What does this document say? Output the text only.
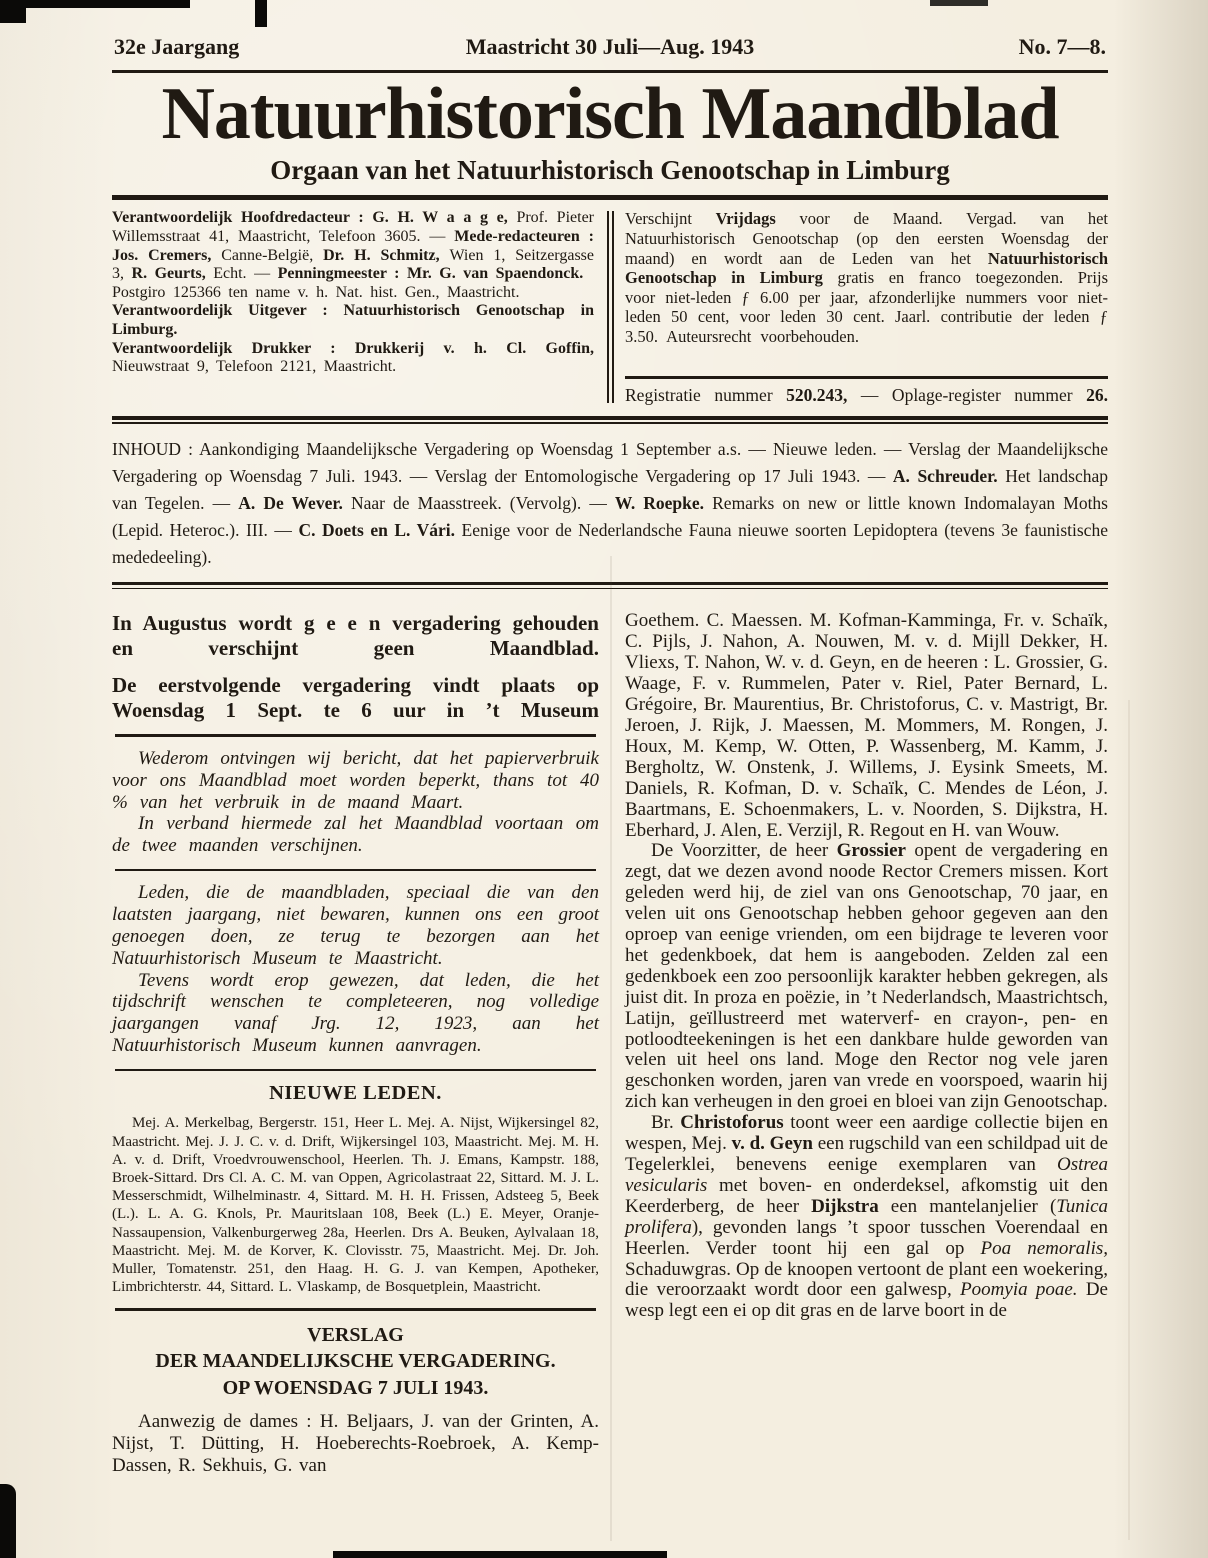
32e Jaargang	Maastricht 30 Juli—Aug. 1943	No. 7—8.
Natuurhistorisch Maandblad
Orgaan van het Natuurhistorisch Genootschap in Limburg

Verantwoordelijk Hoofdredacteur : G. H. W a a g e, Prof. Pieter Willemsstraat 41, Maastricht, Telefoon 3605. — Mede-redacteuren : Jos. Cremers, Canne-België, Dr. H. Schmitz, Wien 1, Seitzergasse 3, R. Geurts, Echt. — Penningmeester : Mr. G. van Spaendonck.

Postgiro 125366 ten name v. h. Nat. hist. Gen., Maastricht.

Verantwoordelijk Uitgever : Natuurhistorisch Genootschap in Limburg.

Verantwoordelijk Drukker : Drukkerij v. h. Cl. Goffin, Nieuwstraat 9, Telefoon 2121, Maastricht.

Verschijnt Vrijdags voor de Maand. Vergad. van het Natuurhistorisch Genootschap (op den eersten Woensdag der maand) en wordt aan de Leden van het Natuurhistorisch Genootschap in Limburg gratis en franco toegezonden. Prijs voor niet-leden ƒ 6.00 per jaar, afzonderlijke nummers voor niet-leden 50 cent, voor leden 30 cent. Jaarl. contributie der leden ƒ 3.50. Auteursrecht voorbehouden.

Registratie nummer 520.243, — Oplage-register nummer 26.

INHOUD : Aankondiging Maandelijksche Vergadering op Woensdag 1 September a.s. — Nieuwe leden. — Verslag der Maandelijksche Vergadering op Woensdag 7 Juli. 1943. — Verslag der Entomologische Vergadering op 17 Juli 1943. — A. Schreuder. Het landschap van Tegelen. — A. De Wever. Naar de Maasstreek. (Vervolg). — W. Roepke. Remarks on new or little known Indomalayan Moths (Lepid. Heteroc.). III. — C. Doets en L. Vári. Eenige voor de Nederlandsche Fauna nieuwe soorten Lepidoptera (tevens 3e faunistische mededeeling).

In Augustus wordt g e e n vergadering gehouden en verschijnt geen Maandblad.

De eerstvolgende vergadering vindt plaats op Woensdag 1 Sept. te 6 uur in ’t Museum

Wederom ontvingen wij bericht, dat het papierverbruik voor ons Maandblad moet worden beperkt, thans tot 40 % van het verbruik in de maand Maart.

In verband hiermede zal het Maandblad voortaan om de twee maanden verschijnen.

Leden, die de maandbladen, speciaal die van den laatsten jaargang, niet bewaren, kunnen ons een groot genoegen doen, ze terug te bezorgen aan het Natuurhistorisch Museum te Maastricht.

Tevens wordt erop gewezen, dat leden, die het tijdschrift wenschen te completeeren, nog volledige jaargangen vanaf Jrg. 12, 1923, aan het Natuurhistorisch Museum kunnen aanvragen.

NIEUWE LEDEN.

Mej. A. Merkelbag, Bergerstr. 151, Heer L. Mej. A. Nijst, Wijkersingel 82, Maastricht. Mej. J. J. C. v. d. Drift, Wijkersingel 103, Maastricht. Mej. M. H. A. v. d. Drift, Vroedvrouwenschool, Heerlen. Th. J. Emans, Kampstr. 188, Broek-Sittard. Drs Cl. A. C. M. van Oppen, Agricolastraat 22, Sittard. M. J. L. Messerschmidt, Wilhelminastr. 4, Sittard. M. H. H. Frissen, Adsteeg 5, Beek (L.). L. A. G. Knols, Pr. Mauritslaan 108, Beek (L.) E. Meyer, Oranje-Nassaupension, Valkenburgerweg 28a, Heerlen. Drs A. Beuken, Aylvalaan 18, Maastricht. Mej. M. de Korver, K. Clovisstr. 75, Maastricht. Mej. Dr. Joh. Muller, Tomatenstr. 251, den Haag. H. G. J. van Kempen, Apotheker, Limbrichterstr. 44, Sittard. L. Vlaskamp, de Bosquetplein, Maastricht.

VERSLAG
DER MAANDELIJKSCHE VERGADERING.
OP WOENSDAG 7 JULI 1943.

Aanwezig de dames : H. Beljaars, J. van der Grinten, A. Nijst, T. Dütting, H. Hoeberechts-Roebroek, A. Kemp-Dassen, R. Sekhuis, G. van

Goethem. C. Maessen. M. Kofman-Kamminga, Fr. v. Schaïk, C. Pijls, J. Nahon, A. Nouwen, M. v. d. Mijll Dekker, H. Vliexs, T. Nahon, W. v. d. Geyn, en de heeren : L. Grossier, G. Waage, F. v. Rummelen, Pater v. Riel, Pater Bernard, L. Grégoire, Br. Maurentius, Br. Christoforus, C. v. Mastrigt, Br. Jeroen, J. Rijk, J. Maessen, M. Mommers, M. Rongen, J. Houx, M. Kemp, W. Otten, P. Wassenberg, M. Kamm, J. Bergholtz, W. Onstenk, J. Willems, J. Eysink Smeets, M. Daniels, R. Kofman, D. v. Schaïk, C. Mendes de Léon, J. Baartmans, E. Schoenmakers, L. v. Noorden, S. Dijkstra, H. Eberhard, J. Alen, E. Verzijl, R. Regout en H. van Wouw.

De Voorzitter, de heer Grossier opent de vergadering en zegt, dat we dezen avond noode Rector Cremers missen. Kort geleden werd hij, de ziel van ons Genootschap, 70 jaar, en velen uit ons Genootschap hebben gehoor gegeven aan den oproep van eenige vrienden, om een bijdrage te leveren voor het gedenkboek, dat hem is aangeboden. Zelden zal een gedenkboek een zoo persoonlijk karakter hebben gekregen, als juist dit. In proza en poëzie, in ’t Nederlandsch, Maastrichtsch, Latijn, geïllustreerd met waterverf- en crayon-, pen- en potloodteekeningen is het een dankbare hulde geworden van velen uit heel ons land. Moge den Rector nog vele jaren geschonken worden, jaren van vrede en voorspoed, waarin hij zich kan verheugen in den groei en bloei van zijn Genootschap.

Br. Christoforus toont weer een aardige collectie bijen en wespen, Mej. v. d. Geyn een rugschild van een schildpad uit de Tegelerklei, benevens eenige exemplaren van Ostrea vesicularis met boven- en onderdeksel, afkomstig uit den Keerderberg, de heer Dijkstra een mantelanjelier (Tunica prolifera), gevonden langs ’t spoor tusschen Voerendaal en Heerlen. Verder toont hij een gal op Poa nemoralis, Schaduwgras. Op de knoopen vertoont de plant een woekering, die veroorzaakt wordt door een galwesp, Poomyia poae. De wesp legt een ei op dit gras en de larve boort in de
